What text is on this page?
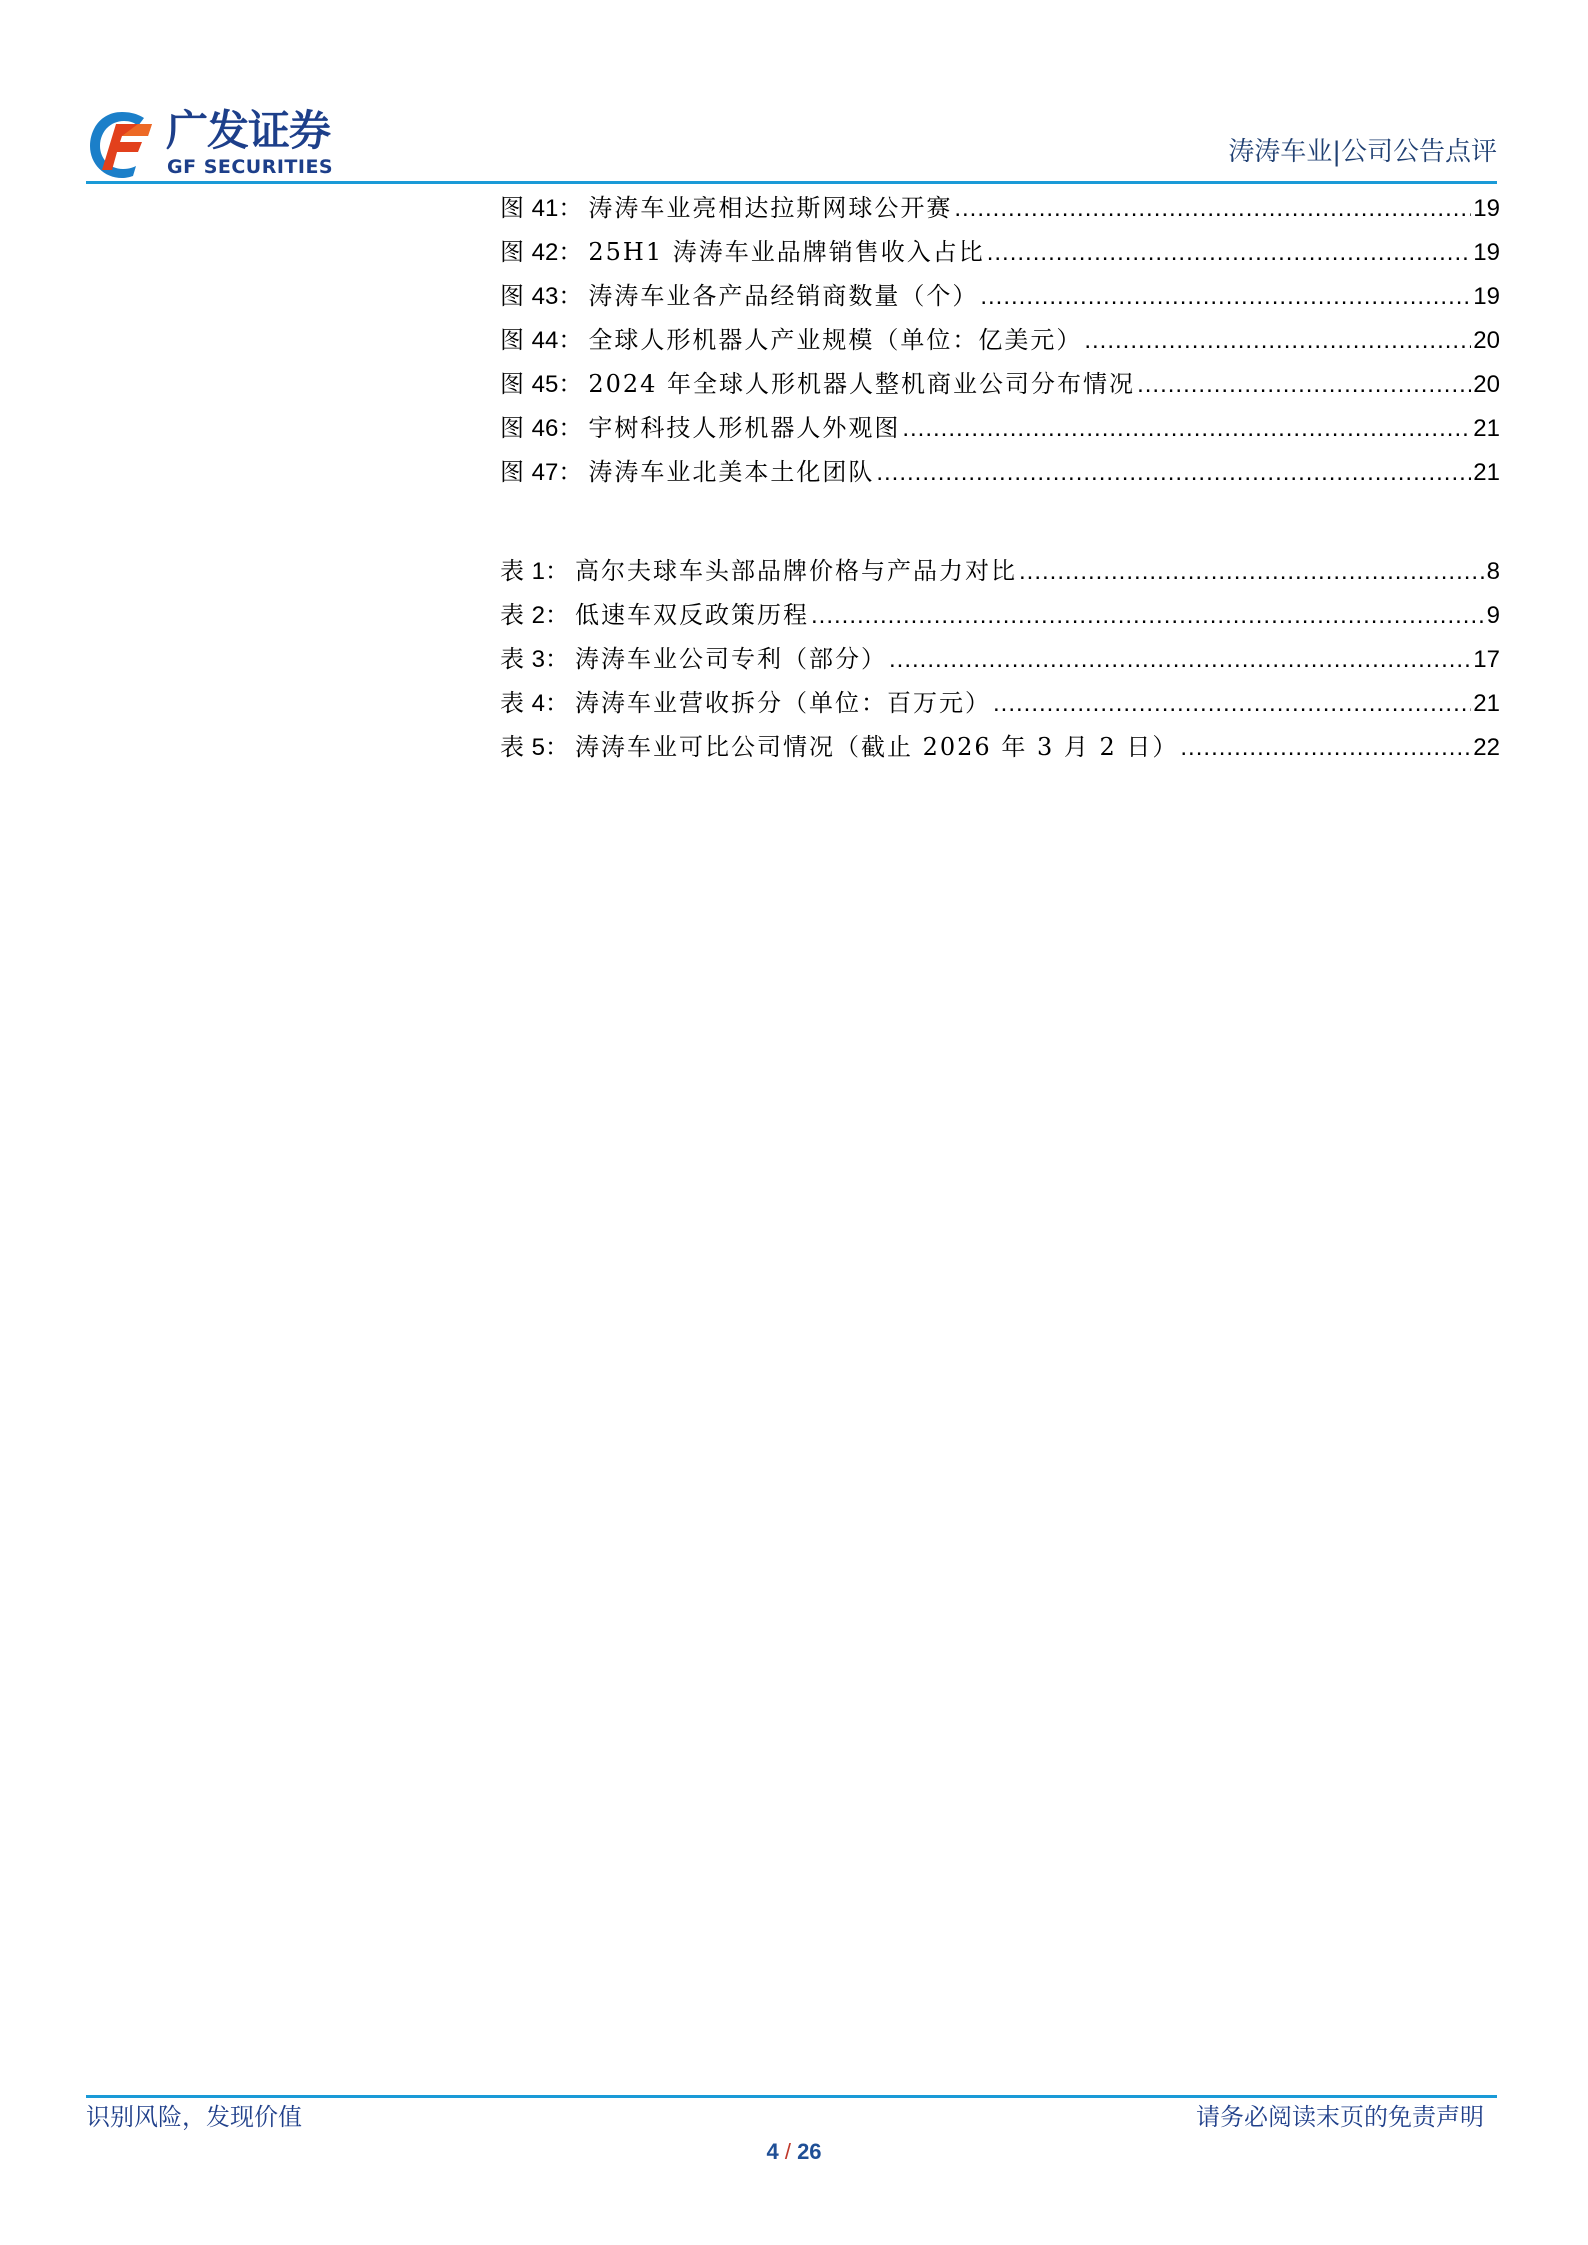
广发证券
GF SECURITIES	涛涛车业|公司公告点评
图 41： 涛涛车业亮相达拉斯网球公开赛 .....	19
图 42： 25H1 涛涛车业品牌销售收入占比 .....	19
图 43： 涛涛车业各产品经销商数量（个） .....	19
图 44： 全球人形机器人产业规模（单位：亿美元） .....	20
图 45： 2024 年全球人形机器人整机商业公司分布情况 .....	20
图 46： 宇树科技人形机器人外观图 .....	21
图 47： 涛涛车业北美本土化团队 .....	21
表 1： 高尔夫球车头部品牌价格与产品力对比 .....	8
表 2： 低速车双反政策历程 .....	9
表 3： 涛涛车业公司专利（部分） .....	17
表 4： 涛涛车业营收拆分（单位：百万元） .....	21
表 5： 涛涛车业可比公司情况（截止 2026 年 3 月 2 日） .....	22
识别风险，发现价值	请务必阅读末页的免责声明
4 / 26
